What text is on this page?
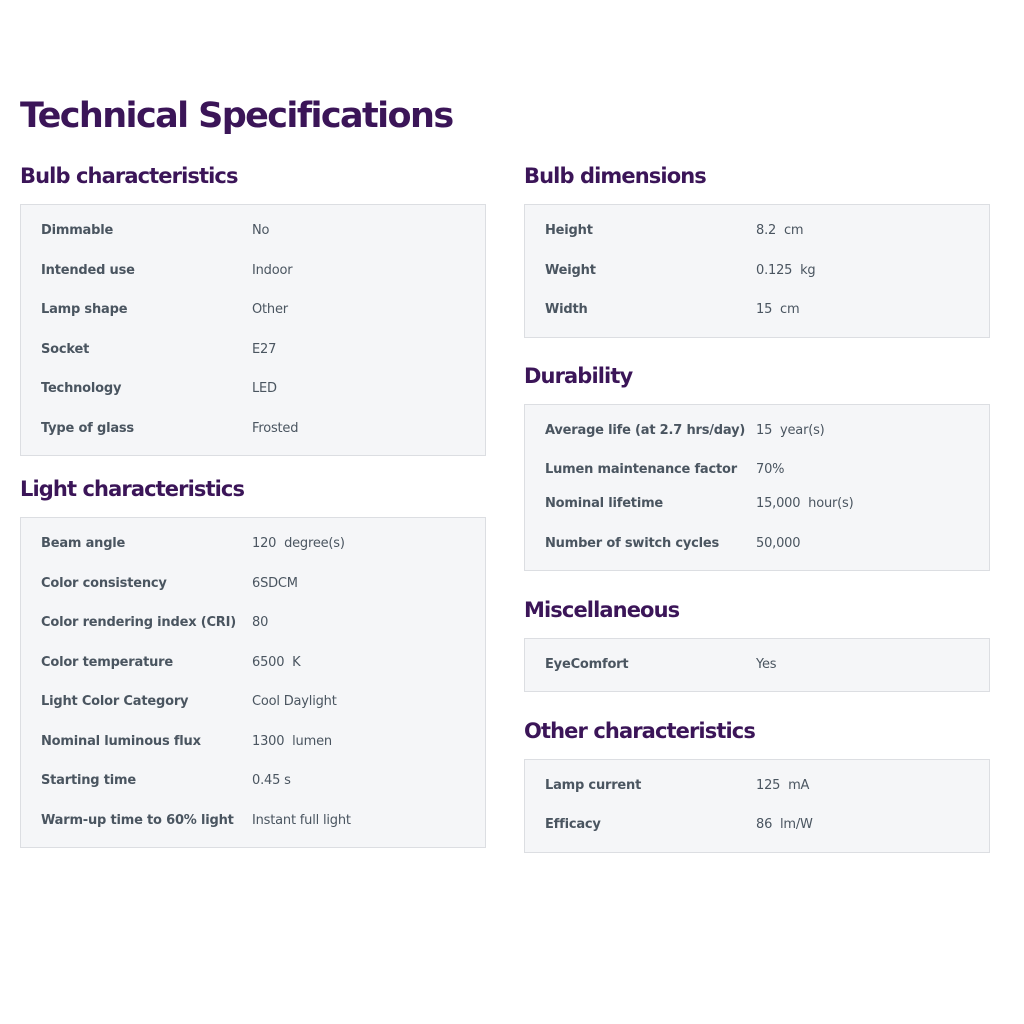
Technical Specifications
Bulb characteristics
Dimmable	No
Intended use	Indoor
Lamp shape	Other
Socket	E27
Technology	LED
Type of glass	Frosted
Light characteristics
Beam angle	120  degree(s)
Color consistency	6SDCM
Color rendering index (CRI) 80
Color temperature	6500  K
Light Color Category	Cool Daylight
Nominal luminous flux	1300  lumen
Starting time	0.45 s
Warm-up time to 60% light Instant full light
Bulb dimensions
Height	8.2  cm
Weight	0.125  kg
Width	15  cm
Durability
Average life (at 2.7 hrs/day) 15  year(s)
Lumen maintenance factor 70%
Nominal lifetime	15,000  hour(s)
Number of switch cycles	50,000
Miscellaneous
EyeComfort	Yes
Other characteristics
Lamp current	125  mA
Efficacy	86  lm/W
